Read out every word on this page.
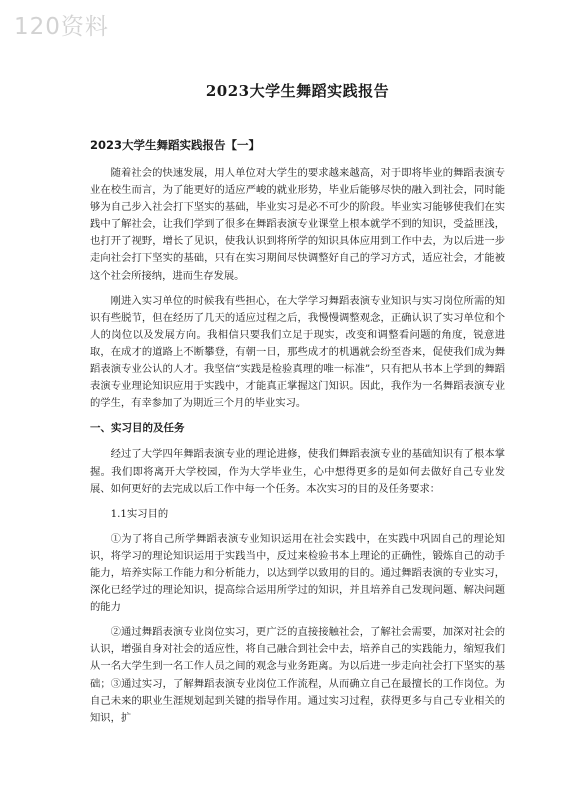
120资料
2023大学生舞蹈实践报告
2023大学生舞蹈实践报告【一】

随着社会的快速发展，用人单位对大学生的要求越来越高，对于即将毕业的舞蹈表演专业在校生而言，为了能更好的适应严峻的就业形势，毕业后能够尽快的融入到社会，同时能够为自己步入社会打下坚实的基础，毕业实习是必不可少的阶段。毕业实习能够使我们在实践中了解社会，让我们学到了很多在舞蹈表演专业课堂上根本就学不到的知识，受益匪浅，也打开了视野，增长了见识，使我认识到将所学的知识具体应用到工作中去，为以后进一步走向社会打下坚实的基础，只有在实习期间尽快调整好自己的学习方式，适应社会，才能被这个社会所接纳，进而生存发展。

刚进入实习单位的时候我有些担心，在大学学习舞蹈表演专业知识与实习岗位所需的知识有些脱节，但在经历了几天的适应过程之后，我慢慢调整观念，正确认识了实习单位和个人的岗位以及发展方向。我相信只要我们立足于现实，改变和调整看问题的角度，锐意进取，在成才的道路上不断攀登，有朝一日，那些成才的机遇就会纷至沓来，促使我们成为舞蹈表演专业公认的人才。我坚信“实践是检验真理的唯一标准”，只有把从书本上学到的舞蹈表演专业理论知识应用于实践中，才能真正掌握这门知识。因此，我作为一名舞蹈表演专业的学生，有幸参加了为期近三个月的毕业实习。

一、实习目的及任务

经过了大学四年舞蹈表演专业的理论进修，使我们舞蹈表演专业的基础知识有了根本掌握。我们即将离开大学校园，作为大学毕业生，心中想得更多的是如何去做好自己专业发展、如何更好的去完成以后工作中每一个任务。本次实习的目的及任务要求：

1.1实习目的

①为了将自己所学舞蹈表演专业知识运用在社会实践中，在实践中巩固自己的理论知识，将学习的理论知识运用于实践当中，反过来检验书本上理论的正确性，锻炼自己的动手能力，培养实际工作能力和分析能力，以达到学以致用的目的。通过舞蹈表演的专业实习，深化已经学过的理论知识，提高综合运用所学过的知识，并且培养自己发现问题、解决问题的能力

②通过舞蹈表演专业岗位实习，更广泛的直接接触社会，了解社会需要，加深对社会的认识，增强自身对社会的适应性，将自己融合到社会中去，培养自己的实践能力，缩短我们从一名大学生到一名工作人员之间的观念与业务距离。为以后进一步走向社会打下坚实的基础；③通过实习，了解舞蹈表演专业岗位工作流程，从而确立自己在最擅长的工作岗位。为自己未来的职业生涯规划起到关键的指导作用。通过实习过程，获得更多与自己专业相关的知识，扩
